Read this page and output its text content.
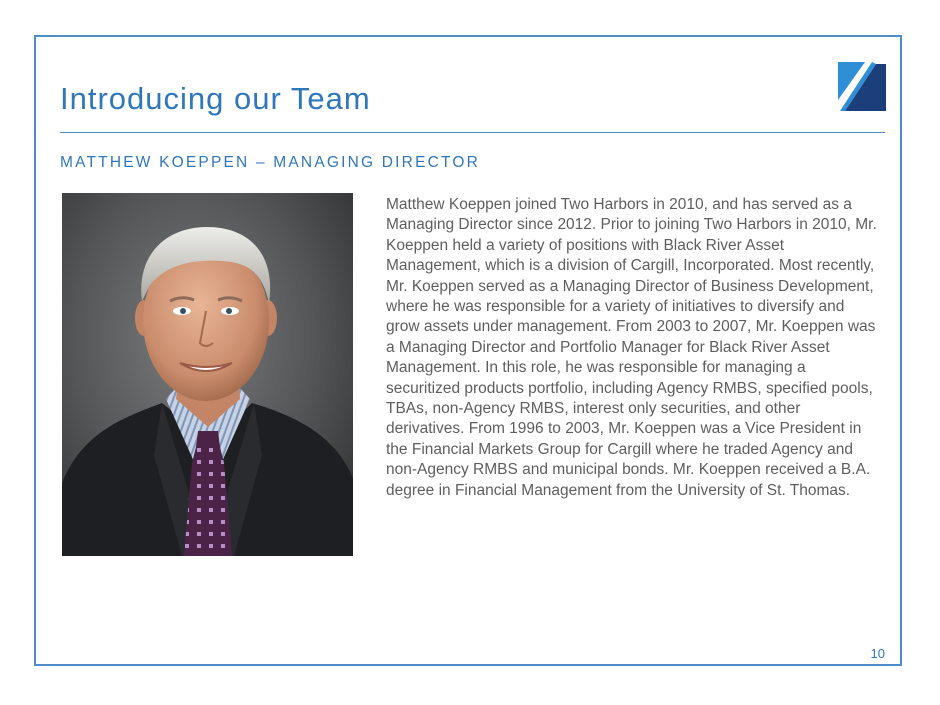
Introducing our Team
MATTHEW KOEPPEN – MANAGING DIRECTOR

Matthew Koeppen joined Two Harbors in 2010, and has served as a Managing Director since 2012. Prior to joining Two Harbors in 2010, Mr. Koeppen held a variety of positions with Black River Asset Management, which is a division of Cargill, Incorporated. Most recently, Mr. Koeppen served as a Managing Director of Business Development, where he was responsible for a variety of initiatives to diversify and grow assets under management. From 2003 to 2007, Mr. Koeppen was a Managing Director and Portfolio Manager for Black River Asset Management. In this role, he was responsible for managing a securitized products portfolio, including Agency RMBS, specified pools, TBAs, non-Agency RMBS, interest only securities, and other derivatives. From 1996 to 2003, Mr. Koeppen was a Vice President in the Financial Markets Group for Cargill where he traded Agency and non-Agency RMBS and municipal bonds. Mr. Koeppen received a B.A. degree in Financial Management from the University of St. Thomas.

10
